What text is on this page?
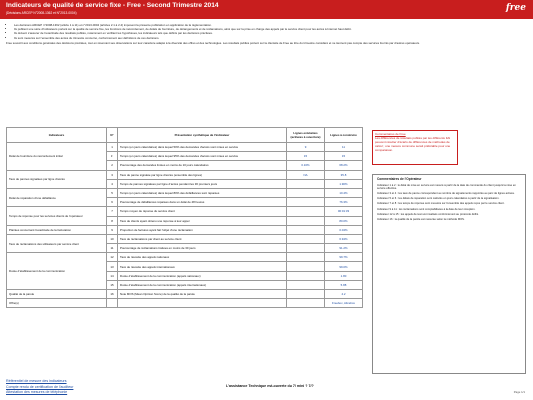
Indicateurs de qualité de service fixe - Free - Second Trimestre 2014
(Décisions ARCEP N°2008-1362 et N°2013-0004)	free
• Les décisions ARCEP n°2008-1362 (article 1 à 11) et n°2013-0004 (articles 2.1 à 2.4) imposent la présente publication en application de la réglementation.
• Ils publient une série d'indicateurs portant sur la qualité de service fixe, les fonctions de raccordement, de délais de fourniture, de dérangements et de réclamations, ainsi que sur la prise en charge des appels par le service client pour les accès à Internet haut débit.
• Ils doivent s'assurer de l'exactitude des résultats publiés, notamment en vérifiant les hypothèses, les indicateurs tels que définis par les décisions précitées.
• Ils sont mesurés sur l'ensemble des accès du trimestre concerné, conformément aux définitions de ces décisions.

Free souscrit aux conditions générales des décisions précitées, tout en réservant ses observations sur leur caractère adapté à la diversité des offres et des technologies. Les résultats publiés portent sur la clientèle de Free au titre du trimestre considéré et ne tiennent pas compte des services fournis par d'autres opérateurs.

Indicateurs	N°	Présentation synthétique de l'indicateur	Lignes existantes (activées à ouverture)	Lignes à construire
Délai de fourniture du raccordement initial	1	Temps (en jours calendaires) dans lequel 50% des demandes d'accès sont mises en service	9	11
	1'	Temps (en jours calendaires) dans lequel 95% des demandes d'accès sont mises en service	15	15
	2	Pourcentage des demandes livrées en moins de 10 jours calendaires	0.16%	68.2%
Taux de pannes signalées par ligne d'accès	3	Taux de panne signalée par ligne d'accès (ensemble des lignes)	NA	35.8
	4	Temps de pannes signalées par ligne d'accès pendant les 30 premiers jours		1.90%
Délai de réparation d'une défaillance	5	Temps (en jours calendaires) dans lequel 80% des défaillances sont réparées		10.4%
	6	Pourcentage de défaillances réparées dans un délai de 48 heures		76.3%
Temps de réponse pour les services clients de l'opérateur	7	Temps moyen de réponse du service client		00:01:33
	8	Taux de clients ayant obtenu une réponse à leur appel		80.0%
Plaintes concernant l'exactitude de la facturation	9	Proportion de factures ayant fait l'objet d'une réclamation		0.04%
Taux de réclamations des utilisateurs par service client	10	Taux de réclamations par client au service client		6.94%
	11	Pourcentage de réclamations traitées en moins de 30 jours		91.2%
Durée d'établissement de la communication	12	Taux de réussite des appels nationaux		99.7%
	13	Taux de réussite des appels internationaux		99.0%
	14	Durée d'établissement de la communication (appels nationaux)		1.80
	15	Durée d'établissement de la communication (appels internationaux)		5.88
Qualité de la parole	16	Note MOS (Mean Opinion Score) de la qualité de la parole		4.2
Offre(s)				Freebox, Alicebox
Commentaires de Free
Les différences de résultats publiés par les différents FAI peuvent résulter d'écarts de différences de méthodes de calcul ; une mesure commune serait préférable pour une comparaison.
Commentaires de l'Opérateur
Indicateur 1 à 2 : le délai de mise en service est mesuré à partir de la date de commande du client jusqu'à la mise en service effective.
Indicateur 3 et 4 : les taux de panne correspondent au nombre de signalements rapportés au parc de lignes actives.
Indicateur 5 et 6 : les délais de réparation sont calculés en jours calendaires à partir de la signalisation.
Indicateur 7 et 8 : les temps de réponse sont mesurés sur l'ensemble des appels reçus par le service client.
Indicateur 9 à 11 : les réclamations sont comptabilisées à la date de leur réception.
Indicateur 12 à 15 : les appels de test sont réalisés conformément au protocole défini.
Indicateur 16 : la qualité de la parole est mesurée selon la méthode MOS.
Référentiel de mesure des indicateurs
Compte rendu de certification de l'auditeur
Attestation des mesures de téléphonie
L'assistance Technique est-ouverte du 7/ mini ? 7/?
Page 1/1
